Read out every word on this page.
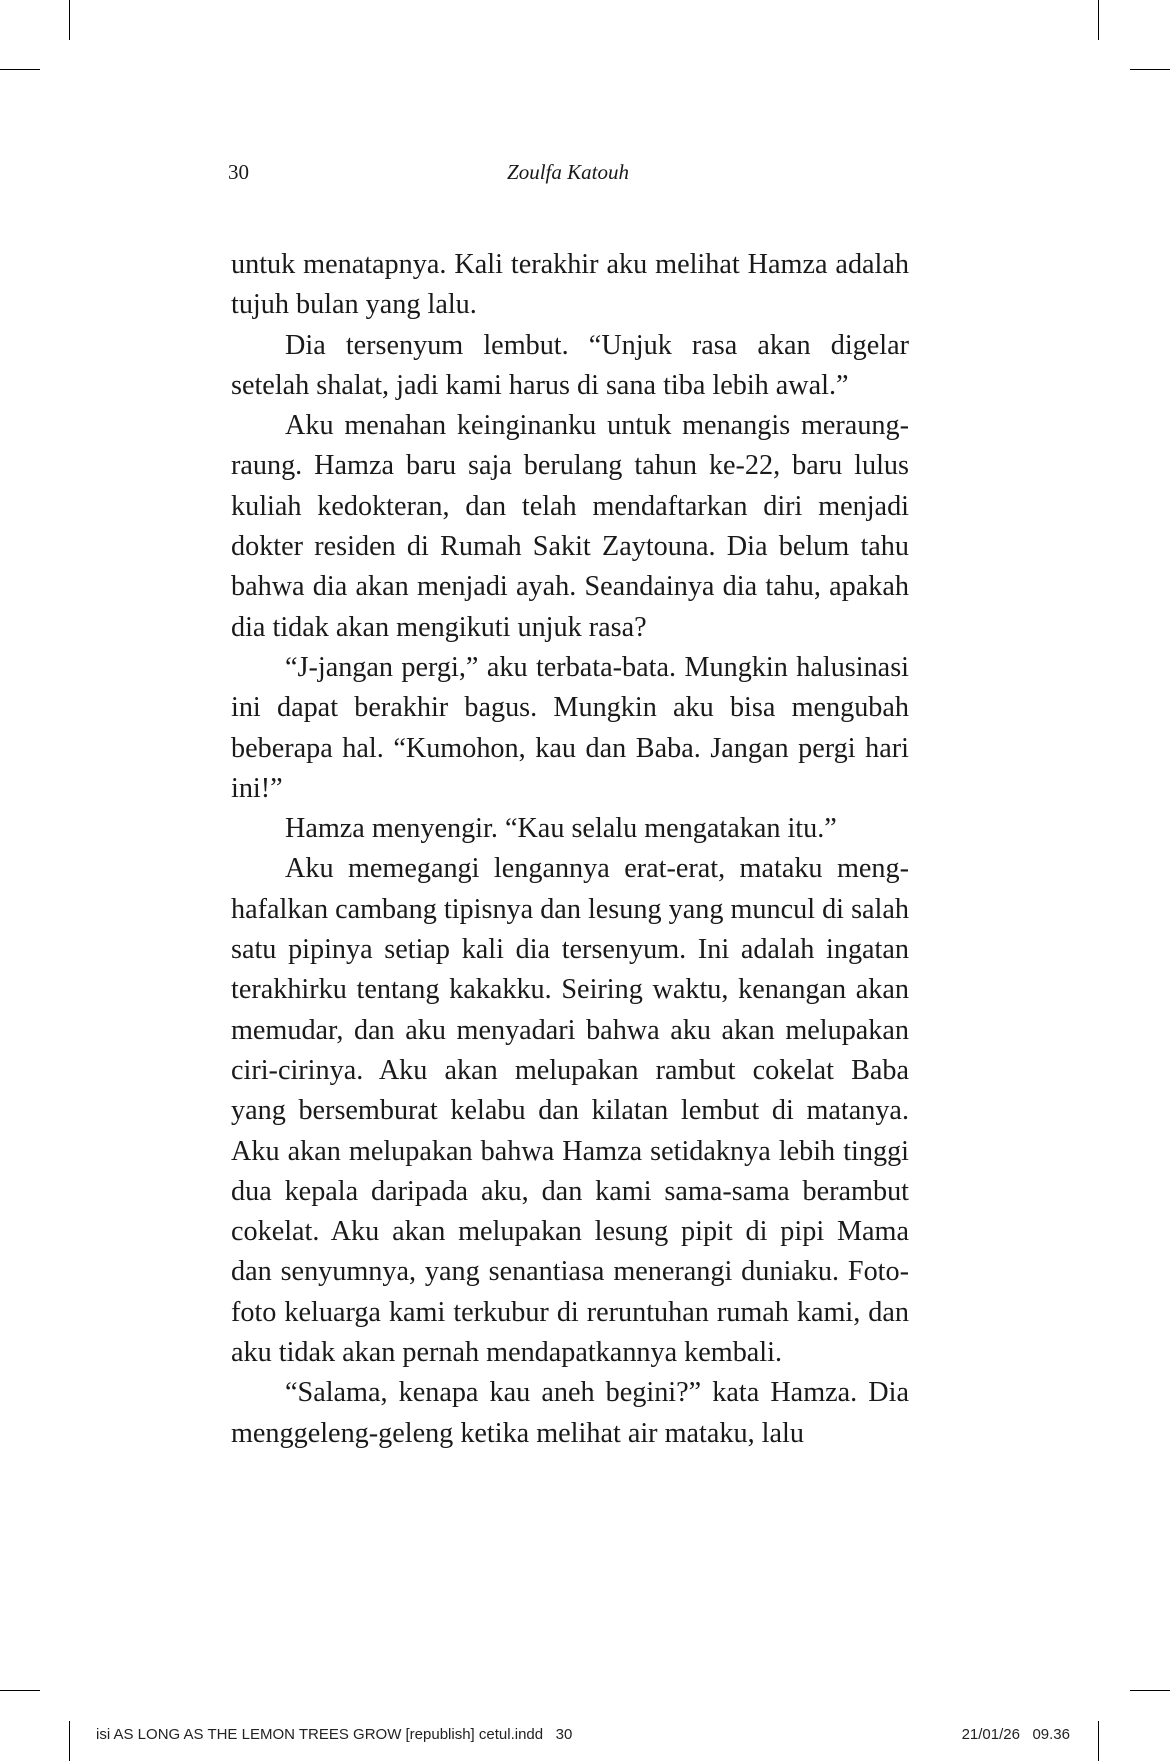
30	Zoulfa Katouh

untuk menatapnya. Kali terakhir aku melihat Hamza adalah tujuh bulan yang lalu.

Dia tersenyum lembut. “Unjuk rasa akan digelar setelah shalat, jadi kami harus di sana tiba lebih awal.”

Aku menahan keinginanku untuk menangis meraung-raung. Hamza baru saja berulang tahun ke-22, baru lulus kuliah kedokteran, dan telah mendaftarkan diri menjadi dokter residen di Rumah Sakit Zaytouna. Dia belum tahu bahwa dia akan menjadi ayah. Seandainya dia tahu, apakah dia tidak akan mengikuti unjuk rasa?

“J-jangan pergi,” aku terbata-bata. Mungkin halusinasi ini dapat berakhir bagus. Mungkin aku bisa mengubah beberapa hal. “Kumohon, kau dan Baba. Jangan pergi hari ini!”

Hamza menyengir. “Kau selalu mengatakan itu.”

Aku memegangi lengannya erat-erat, mataku menghafalkan cambang tipisnya dan lesung yang muncul di salah satu pipinya setiap kali dia tersenyum. Ini adalah ingatan terakhirku tentang kakakku. Seiring waktu, kenangan akan memudar, dan aku menyadari bahwa aku akan melupakan ciri-cirinya. Aku akan melupakan rambut cokelat Baba yang bersemburat kelabu dan kilatan lembut di matanya. Aku akan melupakan bahwa Hamza setidaknya lebih tinggi dua kepala daripada aku, dan kami sama-sama berambut cokelat. Aku akan melupakan lesung pipit di pipi Mama dan senyumnya, yang senantiasa menerangi duniaku. Foto-foto keluarga kami terkubur di reruntuhan rumah kami, dan aku tidak akan pernah mendapatkannya kembali.

“Salama, kenapa kau aneh begini?” kata Hamza. Dia menggeleng-geleng ketika melihat air mataku, lalu

isi AS LONG AS THE LEMON TREES GROW [republish] cetul.indd   30	21/01/26   09.36
